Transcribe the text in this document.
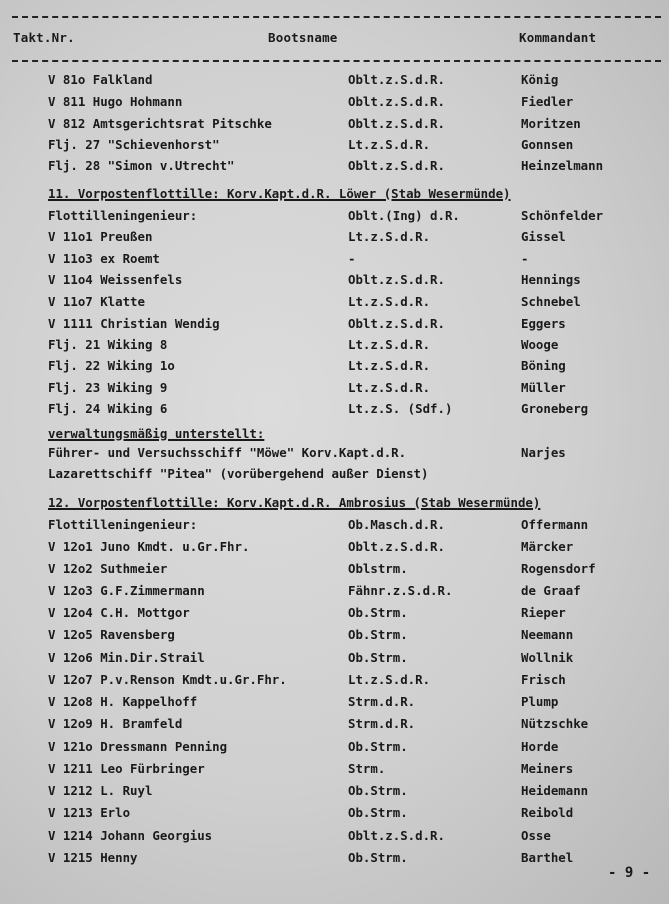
Takt.Nr.	Bootsname	Kommandant
V 81o Falkland	Oblt.z.S.d.R.	König
V 811 Hugo Hohmann	Oblt.z.S.d.R.	Fiedler
V 812 Amtsgerichtsrat Pitschke	Oblt.z.S.d.R.	Moritzen
Flj. 27 "Schievenhorst"	Lt.z.S.d.R.	Gonnsen
Flj. 28 "Simon v.Utrecht"	Oblt.z.S.d.R.	Heinzelmann
11. Vorpostenflottille: Korv.Kapt.d.R. Löwer (Stab Wesermünde)
Flottilleningenieur:	Oblt.(Ing) d.R.	Schönfelder
V 11o1 Preußen	Lt.z.S.d.R.	Gissel
V 11o3 ex Roemt	-	-
V 11o4 Weissenfels	Oblt.z.S.d.R.	Hennings
V 11o7 Klatte	Lt.z.S.d.R.	Schnebel
V 1111 Christian Wendig	Oblt.z.S.d.R.	Eggers
Flj. 21 Wiking 8	Lt.z.S.d.R.	Wooge
Flj. 22 Wiking 1o	Lt.z.S.d.R.	Böning
Flj. 23 Wiking 9	Lt.z.S.d.R.	Müller
Flj. 24 Wiking 6	Lt.z.S. (Sdf.)	Groneberg
verwaltungsmäßig unterstellt:
Führer- und Versuchsschiff "Möwe" Korv.Kapt.d.R.	Narjes
Lazarettschiff "Pitea" (vorübergehend außer Dienst)
12. Vorpostenflottille: Korv.Kapt.d.R. Ambrosius (Stab Wesermünde)
Flottilleningenieur:	Ob.Masch.d.R.	Offermann
V 12o1 Juno Kmdt. u.Gr.Fhr.	Oblt.z.S.d.R.	Märcker
V 12o2 Suthmeier	Oblstrm.	Rogensdorf
V 12o3 G.F.Zimmermann	Fähnr.z.S.d.R.	de Graaf
V 12o4 C.H. Mottgor	Ob.Strm.	Rieper
V 12o5 Ravensberg	Ob.Strm.	Neemann
V 12o6 Min.Dir.Strail	Ob.Strm.	Wollnik
V 12o7 P.v.Renson Kmdt.u.Gr.Fhr.	Lt.z.S.d.R.	Frisch
V 12o8 H. Kappelhoff	Strm.d.R.	Plump
V 12o9 H. Bramfeld	Strm.d.R.	Nützschke
V 121o Dressmann Penning	Ob.Strm.	Horde
V 1211 Leo Fürbringer	Strm.	Meiners
V 1212 L. Ruyl	Ob.Strm.	Heidemann
V 1213 Erlo	Ob.Strm.	Reibold
V 1214 Johann Georgius	Oblt.z.S.d.R.	Osse
V 1215 Henny	Ob.Strm.	Barthel
- 9 -
